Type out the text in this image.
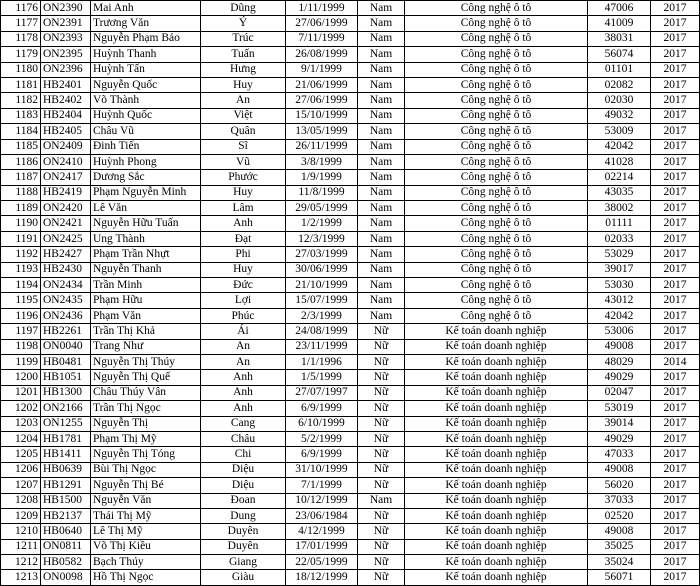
1176	ON2390	Mai Anh	Dũng	1/11/1999	Nam	Công nghệ ô tô	47006	2017
1177	ON2391	Trương Văn	Ý	27/06/1999	Nam	Công nghệ ô tô	41009	2017
1178	ON2393	Nguyễn Phạm Bảo	Trúc	7/11/1999	Nam	Công nghệ ô tô	38031	2017
1179	ON2395	Huỳnh Thanh	Tuấn	26/08/1999	Nam	Công nghệ ô tô	56074	2017
1180	ON2396	Huỳnh Tấn	Hưng	9/1/1999	Nam	Công nghệ ô tô	01101	2017
1181	HB2401	Nguyễn Quốc	Huy	21/06/1999	Nam	Công nghệ ô tô	02082	2017
1182	HB2402	Võ Thành	An	27/06/1999	Nam	Công nghệ ô tô	02030	2017
1183	HB2404	Huỳnh Quốc	Việt	15/10/1999	Nam	Công nghệ ô tô	49032	2017
1184	HB2405	Châu Vũ	Quân	13/05/1999	Nam	Công nghệ ô tô	53009	2017
1185	ON2409	Đinh Tiến	Sĩ	26/11/1999	Nam	Công nghệ ô tô	42042	2017
1186	ON2410	Huỳnh Phong	Vũ	3/8/1999	Nam	Công nghệ ô tô	41028	2017
1187	ON2417	Dương Sắc	Phước	1/9/1999	Nam	Công nghệ ô tô	02214	2017
1188	HB2419	Phạm Nguyễn Minh	Huy	11/8/1999	Nam	Công nghệ ô tô	43035	2017
1189	ON2420	Lê Văn	Lâm	29/05/1999	Nam	Công nghệ ô tô	38002	2017
1190	ON2421	Nguyễn Hữu Tuấn	Anh	1/2/1999	Nam	Công nghệ ô tô	01111	2017
1191	ON2425	Ung Thành	Đạt	12/3/1999	Nam	Công nghệ ô tô	02033	2017
1192	HB2427	Phạm Trần Nhựt	Phi	27/03/1999	Nam	Công nghệ ô tô	53029	2017
1193	HB2430	Nguyễn Thanh	Huy	30/06/1999	Nam	Công nghệ ô tô	39017	2017
1194	ON2434	Trần Minh	Đức	21/10/1999	Nam	Công nghệ ô tô	53030	2017
1195	ON2435	Phạm Hữu	Lợi	15/07/1999	Nam	Công nghệ ô tô	43012	2017
1196	ON2436	Phạm Văn	Phúc	2/3/1999	Nam	Công nghệ ô tô	42042	2017
1197	HB2261	Trần Thị Khả	Ái	24/08/1999	Nữ	Kế toán doanh nghiệp	53006	2017
1198	ON0040	Trang Như	An	23/11/1999	Nữ	Kế toán doanh nghiệp	49008	2017
1199	HB0481	Nguyễn Thị Thúy	An	1/1/1996	Nữ	Kế toán doanh nghiệp	48029	2014
1200	HB1051	Nguyễn Thị Quế	Anh	1/5/1999	Nữ	Kế toán doanh nghiệp	49029	2017
1201	HB1300	Châu Thúy Vân	Anh	27/07/1997	Nữ	Kế toán doanh nghiệp	02047	2017
1202	ON2166	Trần Thị Ngọc	Anh	6/9/1999	Nữ	Kế toán doanh nghiệp	53019	2017
1203	ON1255	Nguyễn Thị	Cang	6/10/1999	Nữ	Kế toán doanh nghiệp	39014	2017
1204	HB1781	Phạm Thị Mỹ	Châu	5/2/1999	Nữ	Kế toán doanh nghiệp	49029	2017
1205	HB1411	Nguyễn Thị Tóng	Chi	6/9/1999	Nữ	Kế toán doanh nghiệp	47033	2017
1206	HB0639	Bùi Thị Ngọc	Diệu	31/10/1999	Nữ	Kế toán doanh nghiệp	49008	2017
1207	HB1291	Nguyễn Thị Bé	Diệu	7/1/1999	Nữ	Kế toán doanh nghiệp	56020	2017
1208	HB1500	Nguyễn Văn	Đoan	10/12/1999	Nam	Kế toán doanh nghiệp	37033	2017
1209	HB2137	Thái Thị Mỹ	Dung	23/06/1984	Nữ	Kế toán doanh nghiệp	02520	2017
1210	HB0640	Lê Thị Mỹ	Duyên	4/12/1999	Nữ	Kế toán doanh nghiệp	49008	2017
1211	ON0811	Võ Thị Kiều	Duyên	17/01/1999	Nữ	Kế toán doanh nghiệp	35025	2017
1212	HB0582	Bạch Thúy	Giang	22/05/1999	Nữ	Kế toán doanh nghiệp	35024	2017
1213	ON0098	Hồ Thị Ngọc	Giàu	18/12/1999	Nữ	Kế toán doanh nghiệp	56071	2017
